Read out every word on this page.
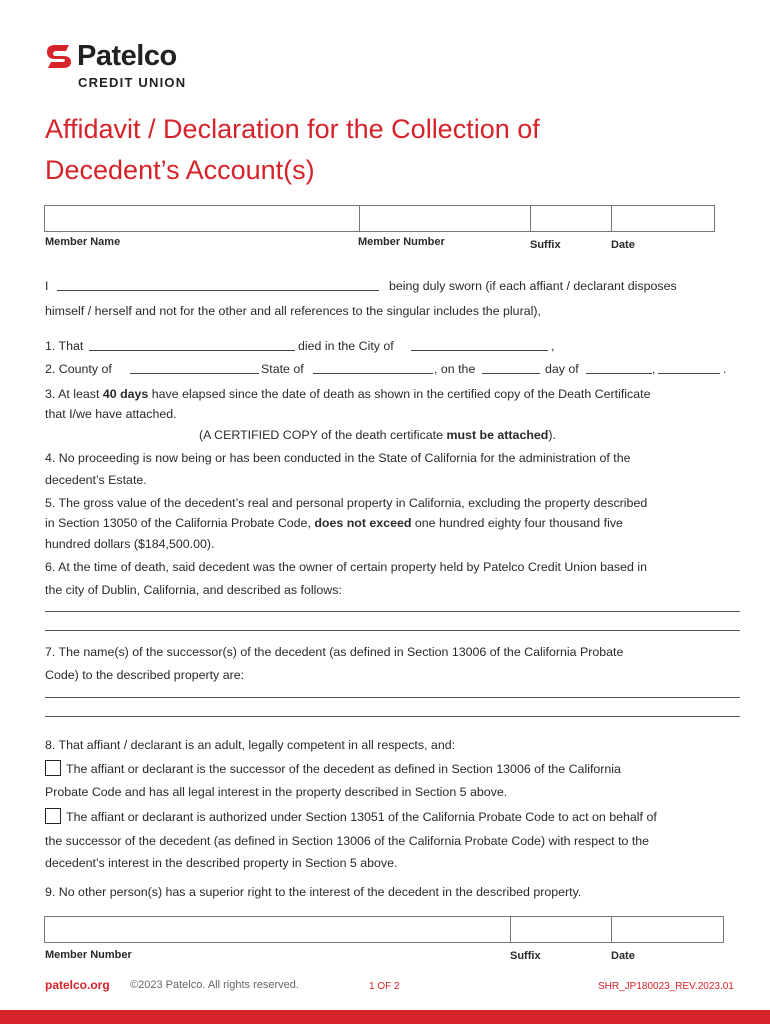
Patelco
CREDIT UNION
Affidavit / Declaration for the Collection of
Decedent’s Account(s)
Member Name	Member Number	Suffix	Date
I	being duly sworn (if each affiant / declarant disposes
himself / herself and not for the other and all references to the singular includes the plural),
1. That	died in the City of	,
2. County of	State of	, on the	day of	,	.
3. At least 40 days have elapsed since the date of death as shown in the certified copy of the Death Certificate
that I/we have attached.
(A CERTIFIED COPY of the death certificate must be attached).
4. No proceeding is now being or has been conducted in the State of California for the administration of the
decedent’s Estate.
5. The gross value of the decedent’s real and personal property in California, excluding the property described
in Section 13050 of the California Probate Code, does not exceed one hundred eighty four thousand five
hundred dollars ($184,500.00).
6. At the time of death, said decedent was the owner of certain property held by Patelco Credit Union based in
the city of Dublin, California, and described as follows:
7. The name(s) of the successor(s) of the decedent (as defined in Section 13006 of the California Probate
Code) to the described property are:
8. That affiant / declarant is an adult, legally competent in all respects, and:
The affiant or declarant is the successor of the decedent as defined in Section 13006 of the California
Probate Code and has all legal interest in the property described in Section 5 above.
The affiant or declarant is authorized under Section 13051 of the California Probate Code to act on behalf of
the successor of the decedent (as defined in Section 13006 of the California Probate Code) with respect to the
decedent’s interest in the described property in Section 5 above.
9. No other person(s) has a superior right to the interest of the decedent in the described property.
Member Number	Suffix	Date
patelco.org ©2023 Patelco. All rights reserved.	1 OF 2	SHR_JP180023_REV.2023.01
